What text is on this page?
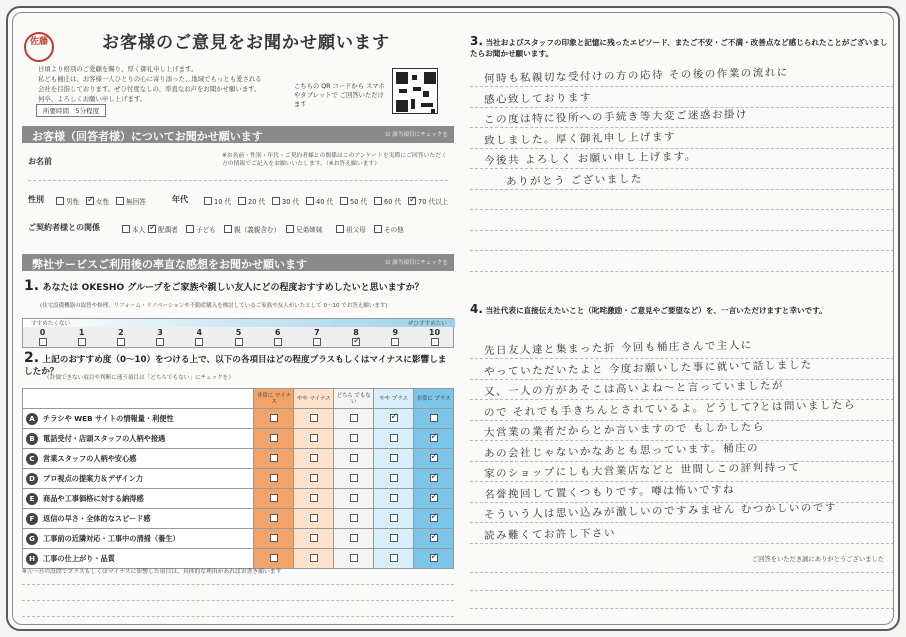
佐藤	お客様のご意見をお聞かせ願います
日頃より格別のご愛顧を賜り、厚く御礼申し上げます。
私ども桶庄は、お客様一人ひとりの心に寄り添った、地域でもっとも愛される
会社を目指しております。ぜひ忖度なしの、率直なお声をお聞かせ願います。
何卒、よろしくお願い申し上げます。
所要時間　5分程度
こちらの QR コードから スマホやタブレットで ご回答いただけます
お客様（回答者様）についてお聞かせ願います	☑ 該当項目にチェックを
お名前
※お名前・性別・年代・ご契約者様との関係はこのアンケートを実際にご回答いただく方の情報でご記入をお願いいたします。（※お答え願います）
性別	男性 ✓	女性	無回答	年代	10 代	20 代	30 代	40 代	50 代	60 代 ✓	70 代以上
ご契約者様との関係	本人 ✓ 配偶者	子ども	親（義親含む） 兄弟姉妹	祖父母	その他
弊社サービスご利用後の率直な感想をお聞かせ願います	☑ 該当項目にチェックを
1. あなたは OKESHO グループをご家族や親しい友人にどの程度おすすめしたいと思いますか？
(住宅設備機器の取替や修理、リフォーム・リノベーションや不動産購入を検討しているご家族や友人がいたとして 0〜10 でお答え願います)
すすめたくない	ぜひすすめたい
0	1	2	3	4	5	6	7	8
✓	9	10
2. 上記のおすすめ度（0〜10）をつける上で、以下の各項目はどの程度プラスもしくはマイナスに影響しましたか？
（評価できない項目や判断に迷う項目は「どちらでもない」にチェックを）
	非常に マイナス	やや マイナス	どちら でもない	やや プラス	非常に プラス

A チラシや WEB サイトの情報量・利便性				✓	

B 電話受付・店頭スタッフの人柄や接遇					✓

C 営業スタッフの人柄や安心感					✓

D プロ視点の提案力＆デザイン力					✓

E 商品や工事価格に対する納得感					✓

F 返信の早さ・全体的なスピード感					✓

G 工事前の近隣対応・工事中の清掃（養生）					✓

H 工事の仕上がり・品質					✓
※Ⓐ〜Ⓗの設問でプラスもしくはマイナスに影響した項目は、具体的な理由があればお書き願います
3. 当社およびスタッフの印象と記憶に残ったエピソード、またご不安・ご不満・改善点など感じられたことがございましたらお聞かせ願います。
何時も私親切な受付けの方の応待 その後の作業の流れに
感心致しております
この度は特に役所への手続き等大変ご迷惑お掛け
致しました。厚く御礼申し上げます
今後共 よろしく お願い申し上げます。
ありがとう ございました
4. 当社代表に直接伝えたいこと（叱咤激励・ご意見やご要望など）を、一言いただけますと幸いです。
先日友人達と集まった折 今回も桶庄さんで主人に
やっていただいたよと 今度お願いした事に就いて話しました
又、一人の方があそこは高いよね〜と言っていましたが
ので それでも手きちんとされているよ。どうして?とは問いましたら
大営業の業者だからとか言いますので もしかしたら
あの会社じゃないかなあとも思っています。桶庄の
家のショップにしも大営業店などと 世間しこの評判持って
名誉挽回して置くつもりです。噂は怖いですね
そういう人は思い込みが激しいのですみません むつかしいのです
読み難くてお許し下さい
ご回答をいただき誠にありがとうございました
